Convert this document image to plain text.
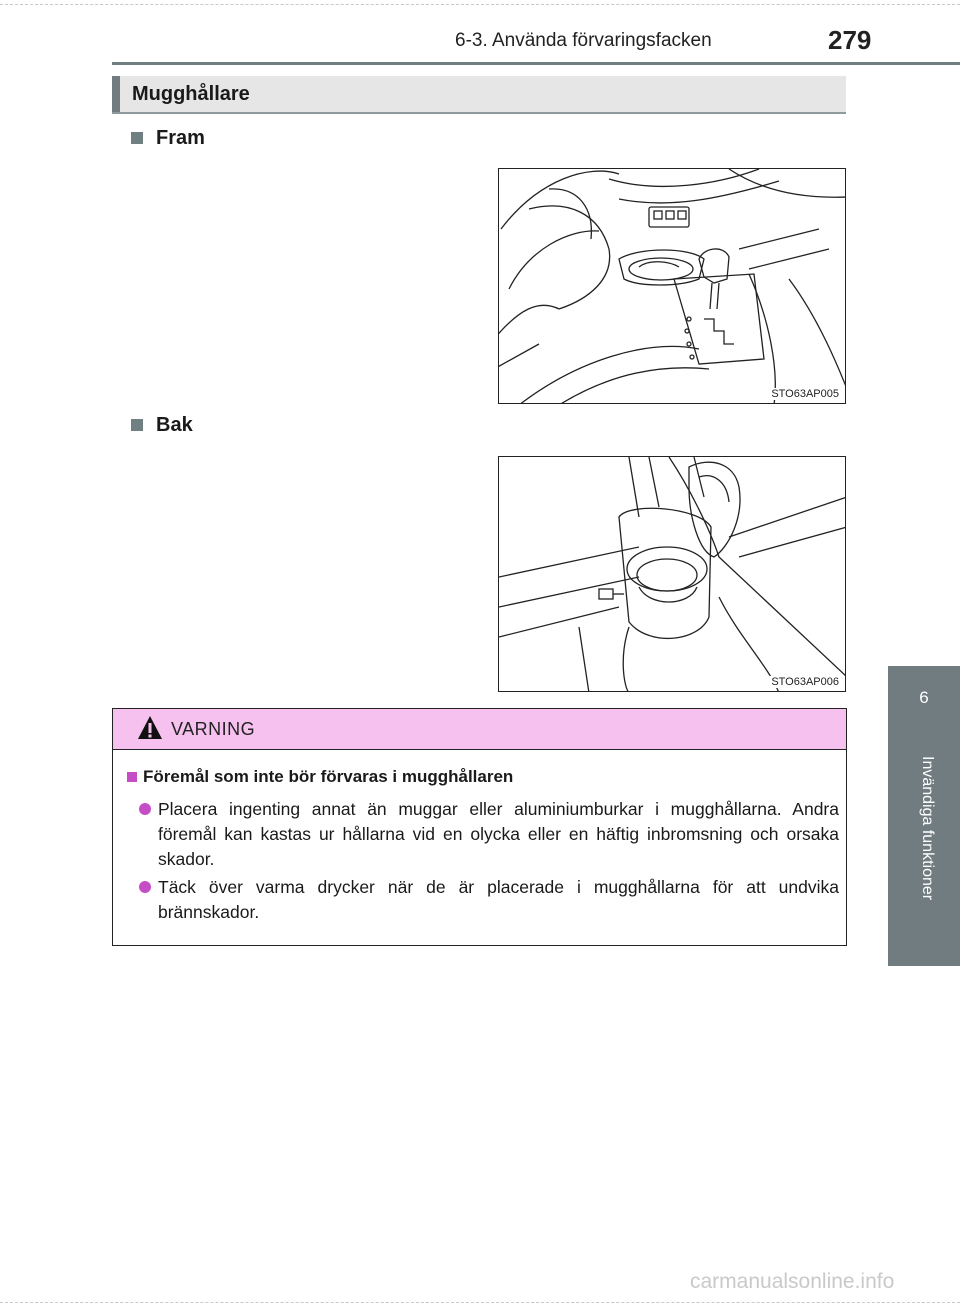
6-3. Använda förvaringsfacken	279
Mugghållare
Fram
STO63AP005
Bak
STO63AP006
6
Invändiga funktioner
VARNING
Föremål som inte bör förvaras i mugghållaren
Placera ingenting annat än muggar eller aluminiumburkar i mugghållarna. Andra föremål kan kastas ur hållarna vid en olycka eller en häftig inbromsning och orsaka skador.
Täck över varma drycker när de är placerade i mugghållarna för att undvika brännskador.
carmanualsonline.info
